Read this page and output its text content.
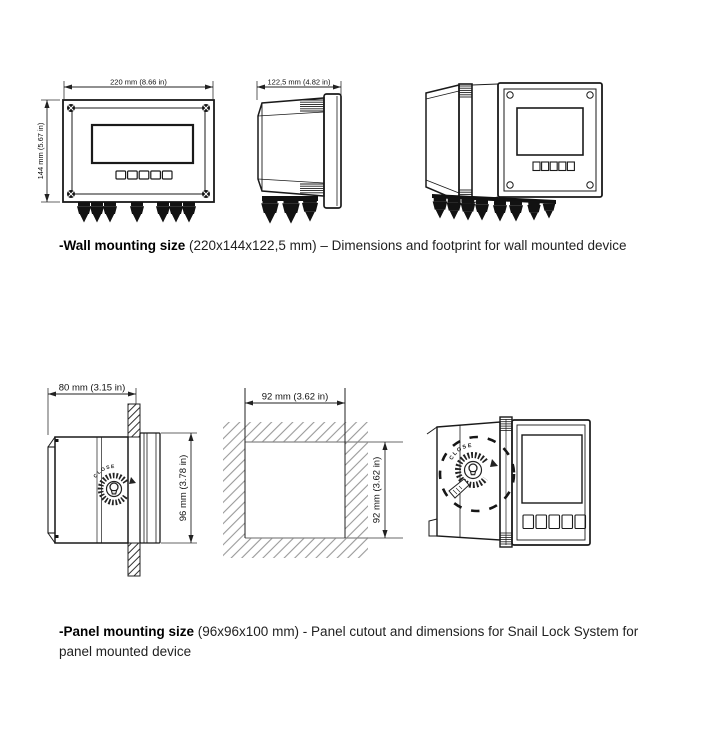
220 mm (8.66 in)
144 mm (5.67 in)
122,5 mm (4.82 in)
80 mm (3.15 in)
CLOSE	96 mm (3.78 in)
92 mm (3.62 in)
92 mm (3.62 in)	CLOSE
-Wall mounting size (220x144x122,5 mm) – Dimensions and footprint for wall mounted device
-Panel mounting size (96x96x100 mm) - Panel cutout and dimensions for Snail Lock System for panel mounted device
